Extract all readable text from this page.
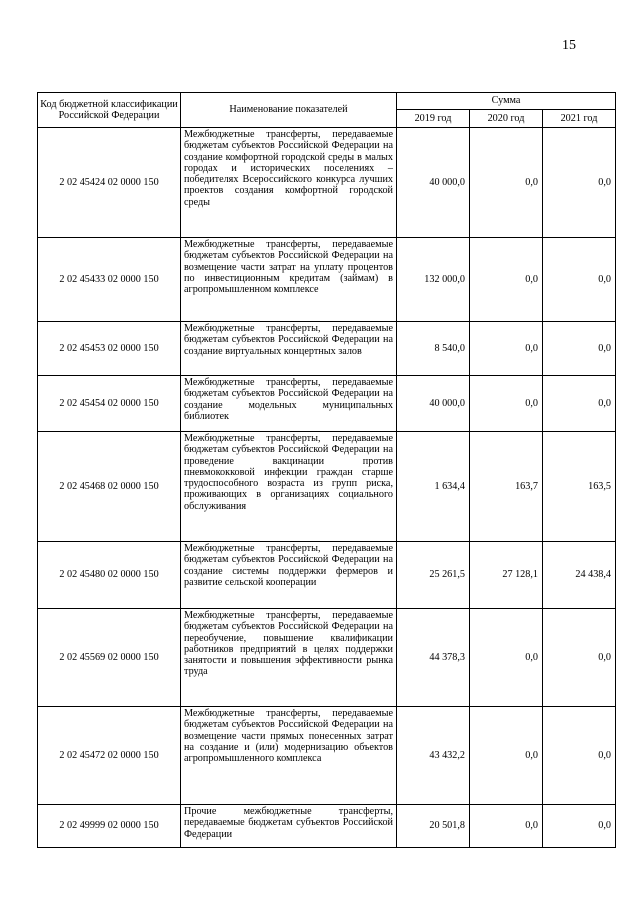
15
Код бюджетной классификации Российской Федерации	Наименование показателей	Сумма		
		2019 год	2020 год	2021 год
2 02 45424 02 0000 150	Межбюджетные трансферты, передаваемые бюджетам субъектов Российской Федерации на создание комфортной городской среды в малых городах и исторических поселениях – победителях Всероссийского конкурса лучших проектов создания комфортной городской среды	40 000,0	0,0	0,0
2 02 45433 02 0000 150	Межбюджетные трансферты, передаваемые бюджетам субъектов Российской Федерации на возмещение части затрат на уплату процентов по инвестиционным кредитам (займам) в агропромышленном комплексе	132 000,0	0,0	0,0
2 02 45453 02 0000 150	Межбюджетные трансферты, передаваемые бюджетам субъектов Российской Федерации на создание виртуальных концертных залов	8 540,0	0,0	0,0
2 02 45454 02 0000 150	Межбюджетные трансферты, передаваемые бюджетам субъектов Российской Федерации на создание модельных муниципальных библиотек	40 000,0	0,0	0,0
2 02 45468 02 0000 150	Межбюджетные трансферты, передаваемые бюджетам субъектов Российской Федерации на проведение вакцинации против пневмококковой инфекции граждан старше трудоспособного возраста из групп риска, проживающих в организациях социального обслуживания	1 634,4	163,7	163,5
2 02 45480 02 0000 150	Межбюджетные трансферты, передаваемые бюджетам субъектов Российской Федерации на создание системы поддержки фермеров и развитие сельской кооперации	25 261,5	27 128,1	24 438,4
2 02 45569 02 0000 150	Межбюджетные трансферты, передаваемые бюджетам субъектов Российской Федерации на переобучение, повышение квалификации работников предприятий в целях поддержки занятости и повышения эффективности рынка труда	44 378,3	0,0	0,0
2 02 45472 02 0000 150	Межбюджетные трансферты, передаваемые бюджетам субъектов Российской Федерации на возмещение части прямых понесенных затрат на создание и (или) модернизацию объектов агропромышленного комплекса	43 432,2	0,0	0,0
2 02 49999 02 0000 150	Прочие межбюджетные трансферты, передаваемые бюджетам субъектов Российской Федерации	20 501,8	0,0	0,0
